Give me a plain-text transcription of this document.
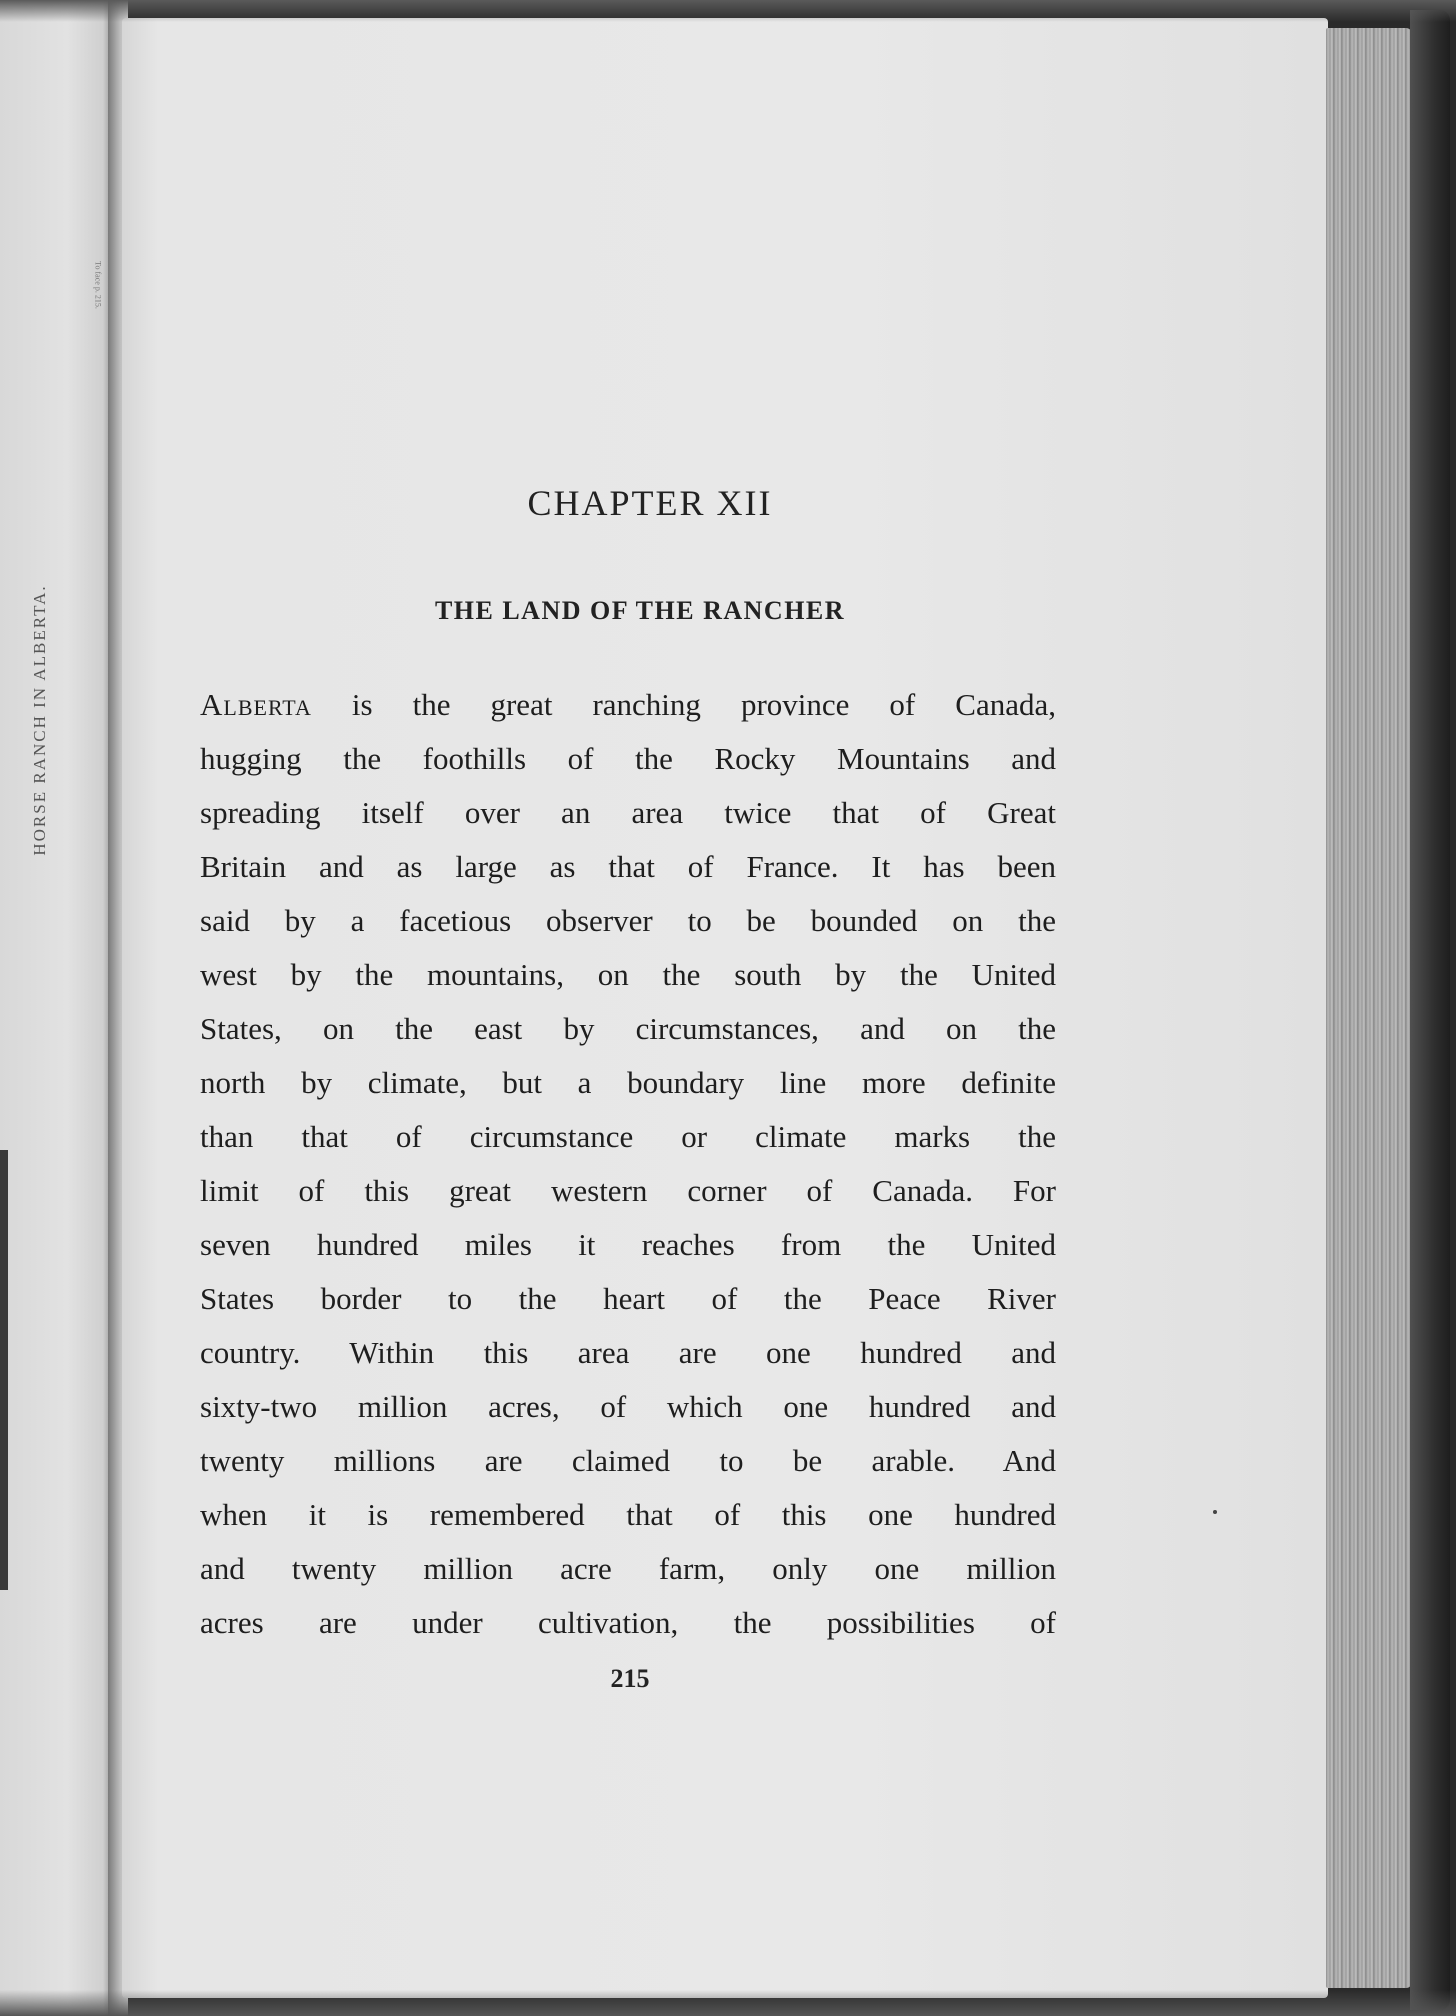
HORSE RANCH IN ALBERTA.
To face p. 215.
CHAPTER XII
THE LAND OF THE RANCHER
Alberta is the great ranching province of Canada,
hugging the foothills of the Rocky Mountains and
spreading itself over an area twice that of Great
Britain and as large as that of France. It has been
said by a facetious observer to be bounded on the
west by the mountains, on the south by the United
States, on the east by circumstances, and on the
north by climate, but a boundary line more definite
than that of circumstance or climate marks the
limit of this great western corner of Canada. For
seven hundred miles it reaches from the United
States border to the heart of the Peace River
country. Within this area are one hundred and
sixty-two million acres, of which one hundred and
twenty millions are claimed to be arable. And
when it is remembered that of this one hundred
and twenty million acre farm, only one million
acres are under cultivation, the possibilities of
215
